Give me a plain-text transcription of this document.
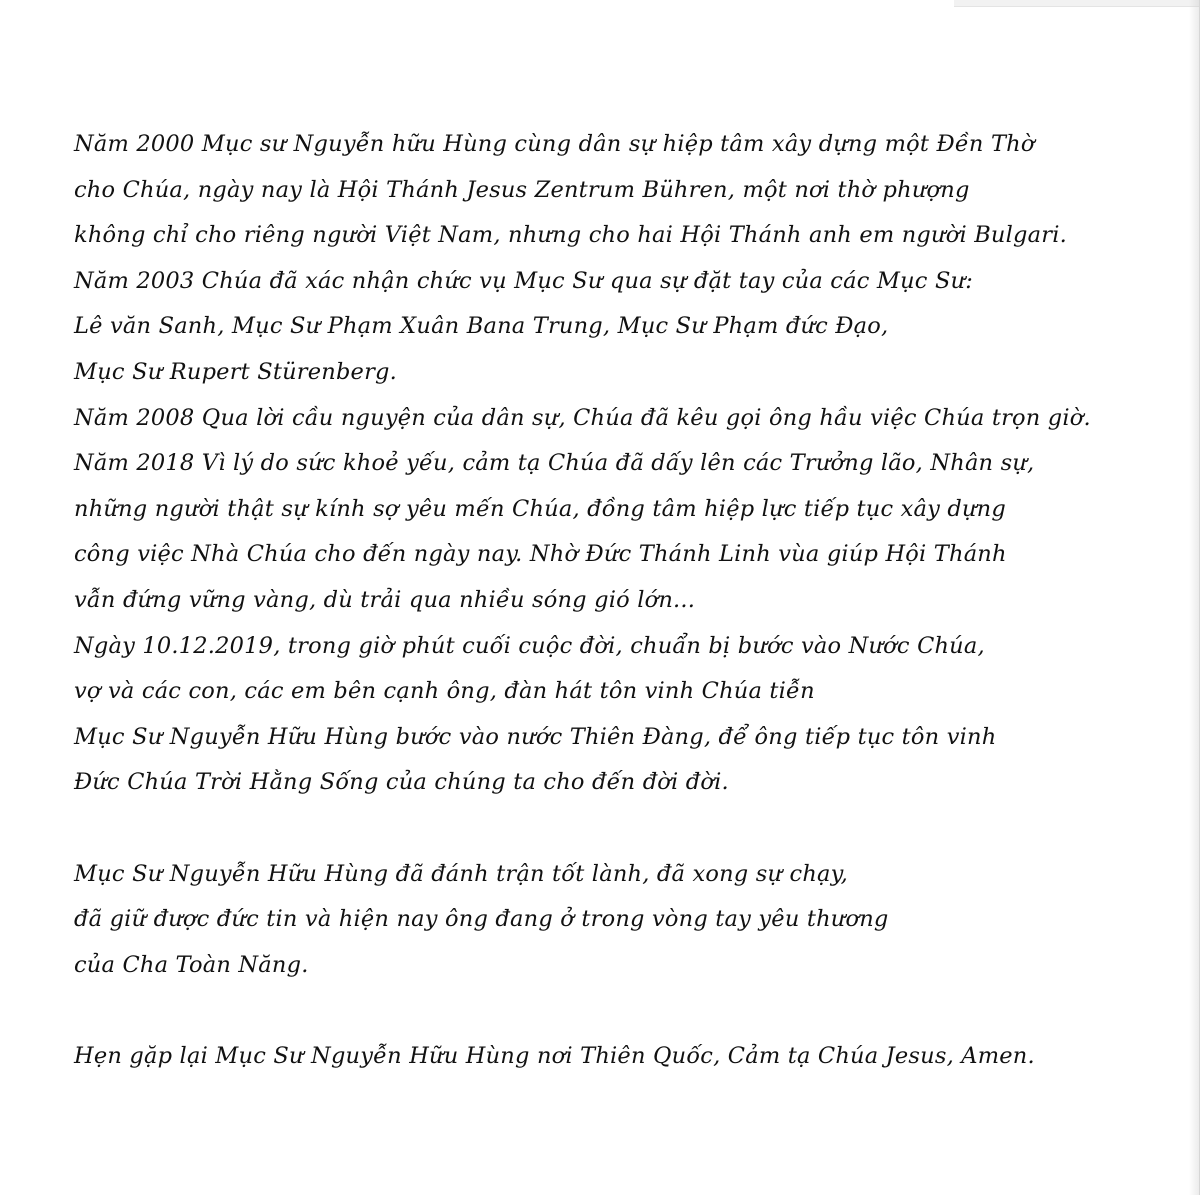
Năm 2000 Mục sư Nguyễn hữu Hùng cùng dân sự hiệp tâm xây dựng một Đền Thờ
cho Chúa, ngày nay là Hội Thánh Jesus Zentrum Bühren, một nơi thờ phượng
không chỉ cho riêng người Việt Nam, nhưng cho hai Hội Thánh anh em người Bulgari.
Năm 2003 Chúa đã xác nhận chức vụ Mục Sư qua sự đặt tay của các Mục Sư:
Lê văn Sanh, Mục Sư Phạm Xuân Bana Trung, Mục Sư Phạm đức Đạo,
Mục Sư Rupert Stürenberg.
Năm 2008 Qua lời cầu nguyện của dân sự, Chúa đã kêu gọi ông hầu việc Chúa trọn giờ.
Năm 2018 Vì lý do sức khoẻ yếu, cảm tạ Chúa đã dấy lên các Trưởng lão, Nhân sự,
những người thật sự kính sợ yêu mến Chúa, đồng tâm hiệp lực tiếp tục xây dựng
công việc Nhà Chúa cho đến ngày nay. Nhờ Đức Thánh Linh vùa giúp Hội Thánh
vẫn đứng vững vàng, dù trải qua nhiều sóng gió lớn...
Ngày 10.12.2019, trong giờ phút cuối cuộc đời, chuẩn bị bước vào Nước Chúa,
vợ và các con, các em bên cạnh ông, đàn hát tôn vinh Chúa tiễn
Mục Sư Nguyễn Hữu Hùng bước vào nước Thiên Đàng, để ông tiếp tục tôn vinh
Đức Chúa Trời Hằng Sống của chúng ta cho đến đời đời.
Mục Sư Nguyễn Hữu Hùng đã đánh trận tốt lành, đã xong sự chạy,
đã giữ được đức tin và hiện nay ông đang ở trong vòng tay yêu thương
của Cha Toàn Năng.
Hẹn gặp lại Mục Sư Nguyễn Hữu Hùng nơi Thiên Quốc, Cảm tạ Chúa Jesus, Amen.
